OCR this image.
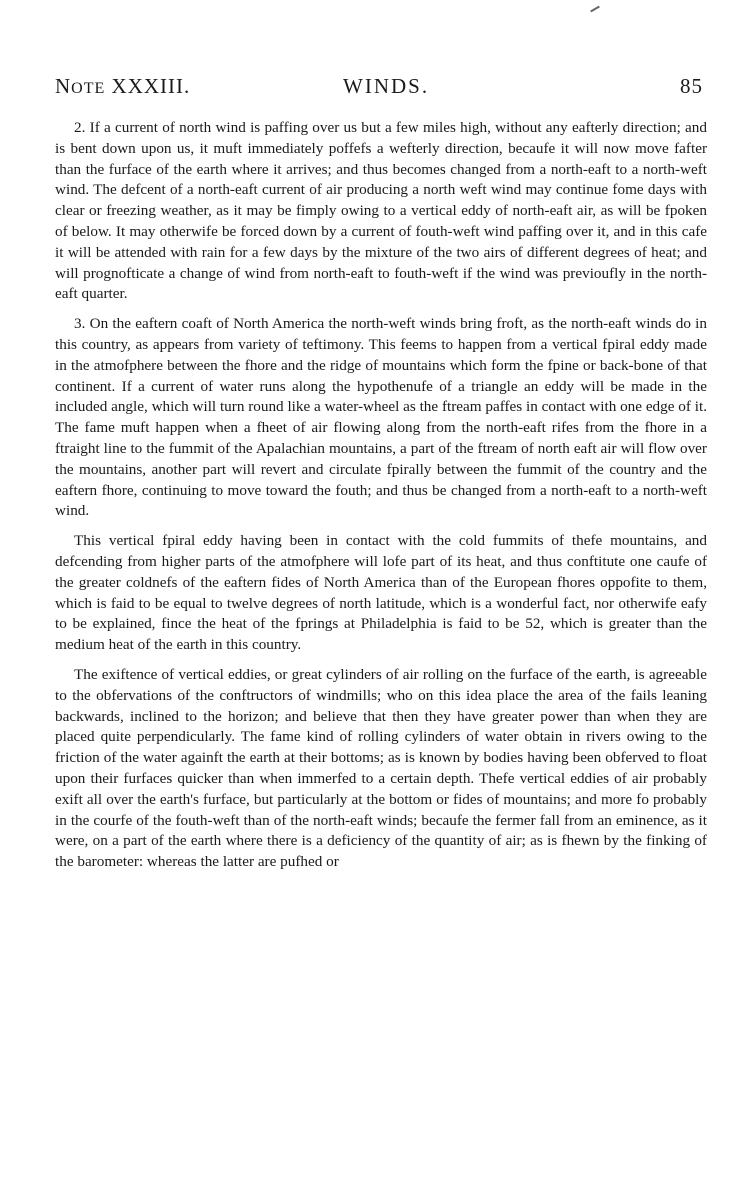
NOTE XXXIII.	WINDS.	85

2. If a current of north wind is paffing over us but a few miles high, without any eafterly direction; and is bent down upon us, it muft immediately poffefs a wefterly direction, becaufe it will now move fafter than the furface of the earth where it arrives; and thus becomes changed from a north-eaft to a north-weft wind. The defcent of a north-eaft current of air producing a north weft wind may continue fome days with clear or freezing weather, as it may be fimply owing to a vertical eddy of north-eaft air, as will be fpoken of below. It may otherwife be forced down by a current of fouth-weft wind paffing over it, and in this cafe it will be attended with rain for a few days by the mixture of the two airs of different degrees of heat; and will prognofticate a change of wind from north-eaft to fouth-weft if the wind was previoufly in the north-eaft quarter.

3. On the eaftern coaft of North America the north-weft winds bring froft, as the north-eaft winds do in this country, as appears from variety of teftimony. This feems to happen from a vertical fpiral eddy made in the atmofphere between the fhore and the ridge of mountains which form the fpine or back-bone of that continent. If a current of water runs along the hypothenufe of a triangle an eddy will be made in the included angle, which will turn round like a water-wheel as the ftream paffes in contact with one edge of it. The fame muft happen when a fheet of air flowing along from the north-eaft rifes from the fhore in a ftraight line to the fummit of the Apalachian mountains, a part of the ftream of north eaft air will flow over the mountains, another part will revert and circulate fpirally between the fummit of the country and the eaftern fhore, continuing to move toward the fouth; and thus be changed from a north-eaft to a north-weft wind.

This vertical fpiral eddy having been in contact with the cold fummits of thefe mountains, and defcending from higher parts of the atmofphere will lofe part of its heat, and thus conftitute one caufe of the greater coldnefs of the eaftern fides of North America than of the European fhores oppofite to them, which is faid to be equal to twelve degrees of north latitude, which is a wonderful fact, nor otherwife eafy to be explained, fince the heat of the fprings at Philadelphia is faid to be 52, which is greater than the medium heat of the earth in this country.

The exiftence of vertical eddies, or great cylinders of air rolling on the furface of the earth, is agreeable to the obfervations of the conftructors of windmills; who on this idea place the area of the fails leaning backwards, inclined to the horizon; and believe that then they have greater power than when they are placed quite perpendicularly. The fame kind of rolling cylinders of water obtain in rivers owing to the friction of the water againft the earth at their bottoms; as is known by bodies having been obferved to float upon their furfaces quicker than when immerfed to a certain depth. Thefe vertical eddies of air probably exift all over the earth's furface, but particularly at the bottom or fides of mountains; and more fo probably in the courfe of the fouth-weft than of the north-eaft winds; becaufe the fermer fall from an eminence, as it were, on a part of the earth where there is a deficiency of the quantity of air; as is fhewn by the finking of the barometer: whereas the latter are pufhed or
